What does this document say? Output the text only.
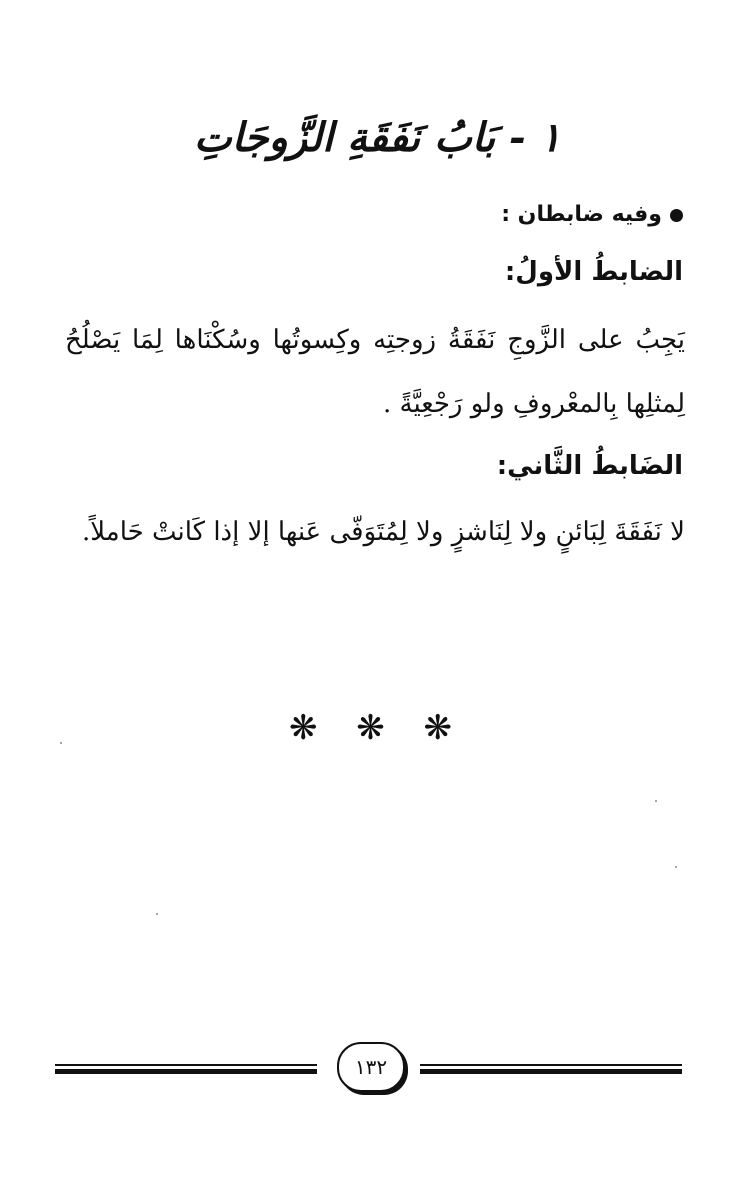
١ - بَابُ نَفَقَةِ الزَّوجَاتِ
وفيه ضابطان :
الضابطُ الأولُ:
يَجِبُ على الزَّوجِ نَفَقَةُ زوجتِه وكِسوتُها وسُكْنَاها لِمَا يَصْلُحُ لِمثلِها بِالمعْروفِ ولو رَجْعِيَّةً .
الضَابطُ الثَّاني:
لا نَفَقَةَ لِبَائنٍ ولا لِنَاشزٍ ولا لِمُتَوَفّى عَنها إلا إذا كَانتْ حَاملاً.
❋ ❋ ❋
١٣٢
